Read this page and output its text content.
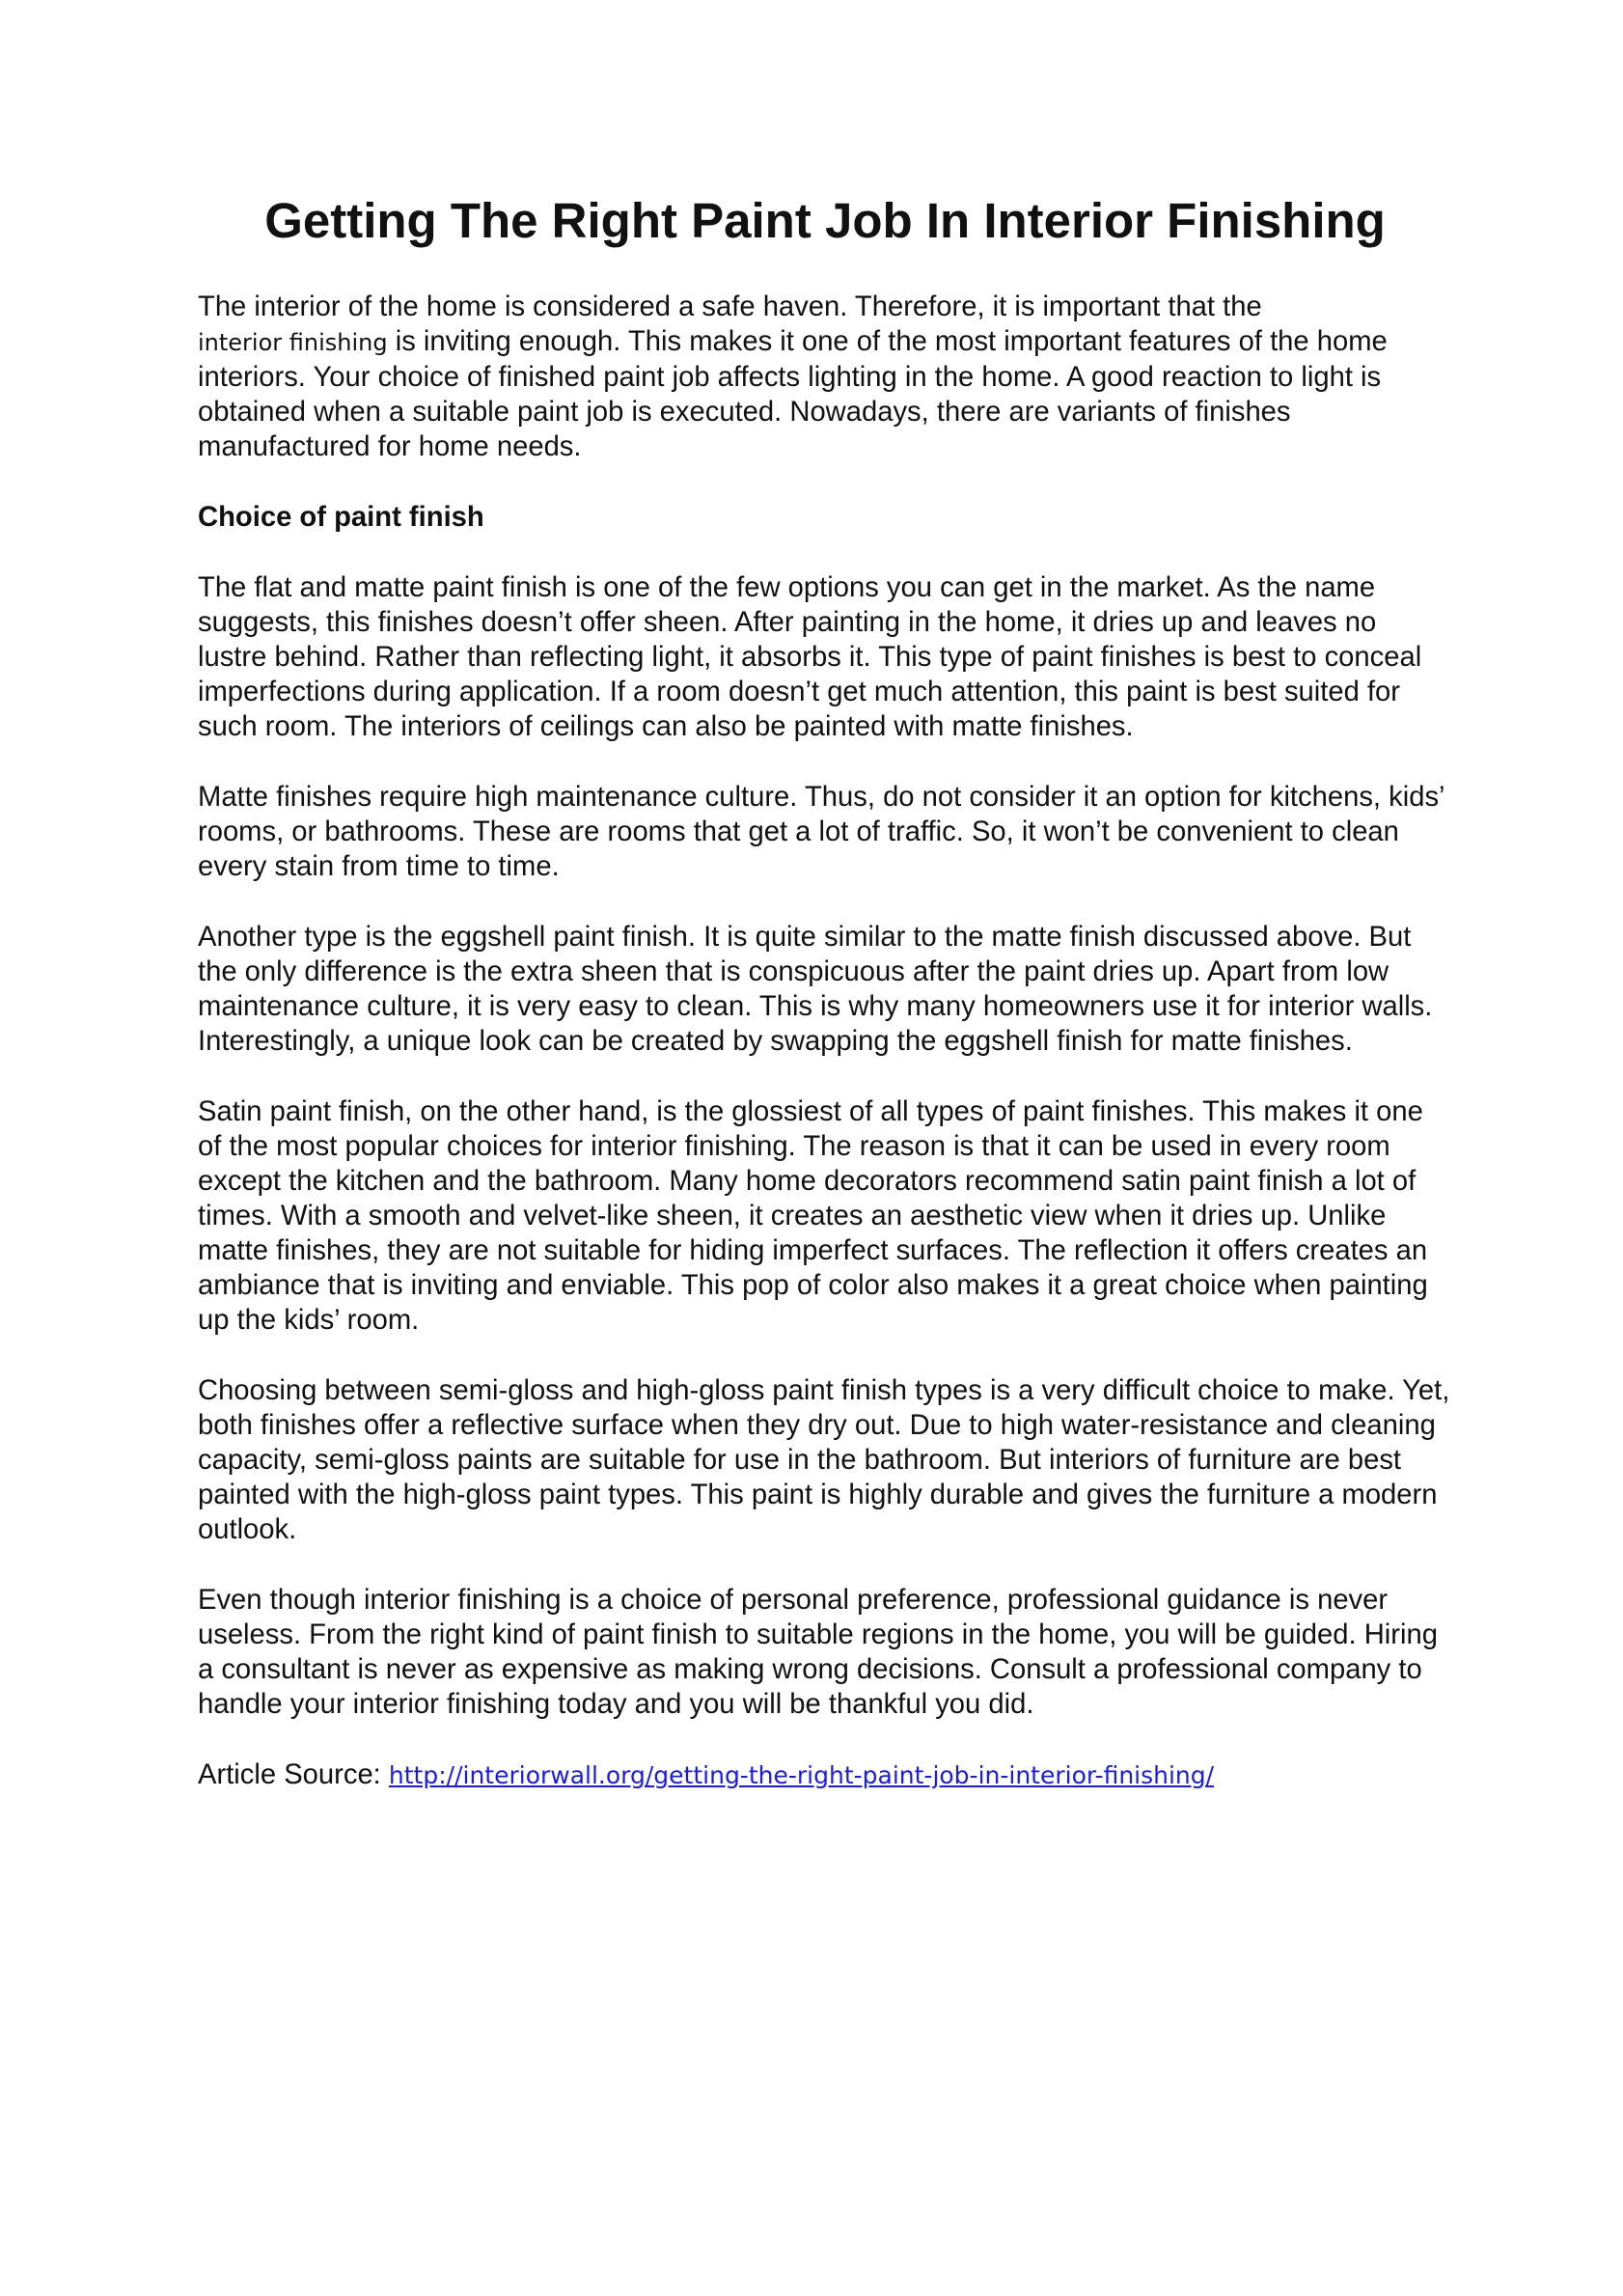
Getting The Right Paint Job In Interior Finishing

The interior of the home is considered a safe haven. Therefore, it is important that the
interior finishing is inviting enough. This makes it one of the most important features of the home interiors. Your choice of finished paint job affects lighting in the home. A good reaction to light is obtained when a suitable paint job is executed. Nowadays, there are variants of finishes manufactured for home needs.

Choice of paint finish

The flat and matte paint finish is one of the few options you can get in the market. As the name suggests, this finishes doesn’t offer sheen. After painting in the home, it dries up and leaves no lustre behind. Rather than reflecting light, it absorbs it. This type of paint finishes is best to conceal imperfections during application. If a room doesn’t get much attention, this paint is best suited for such room. The interiors of ceilings can also be painted with matte finishes.

Matte finishes require high maintenance culture. Thus, do not consider it an option for kitchens, kids’ rooms, or bathrooms. These are rooms that get a lot of traffic. So, it won’t be convenient to clean every stain from time to time.

Another type is the eggshell paint finish. It is quite similar to the matte finish discussed above. But the only difference is the extra sheen that is conspicuous after the paint dries up. Apart from low maintenance culture, it is very easy to clean. This is why many homeowners use it for interior walls. Interestingly, a unique look can be created by swapping the eggshell finish for matte finishes.

Satin paint finish, on the other hand, is the glossiest of all types of paint finishes. This makes it one of the most popular choices for interior finishing. The reason is that it can be used in every room except the kitchen and the bathroom. Many home decorators recommend satin paint finish a lot of times. With a smooth and velvet-like sheen, it creates an aesthetic view when it dries up. Unlike matte finishes, they are not suitable for hiding imperfect surfaces. The reflection it offers creates an ambiance that is inviting and enviable. This pop of color also makes it a great choice when painting up the kids’ room.

Choosing between semi-gloss and high-gloss paint finish types is a very difficult choice to make. Yet, both finishes offer a reflective surface when they dry out. Due to high water-resistance and cleaning capacity, semi-gloss paints are suitable for use in the bathroom. But interiors of furniture are best painted with the high-gloss paint types. This paint is highly durable and gives the furniture a modern outlook.

Even though interior finishing is a choice of personal preference, professional guidance is never useless. From the right kind of paint finish to suitable regions in the home, you will be guided. Hiring a consultant is never as expensive as making wrong decisions. Consult a professional company to handle your interior finishing today and you will be thankful you did.

Article Source: http://interiorwall.org/getting-the-right-paint-job-in-interior-finishing/
